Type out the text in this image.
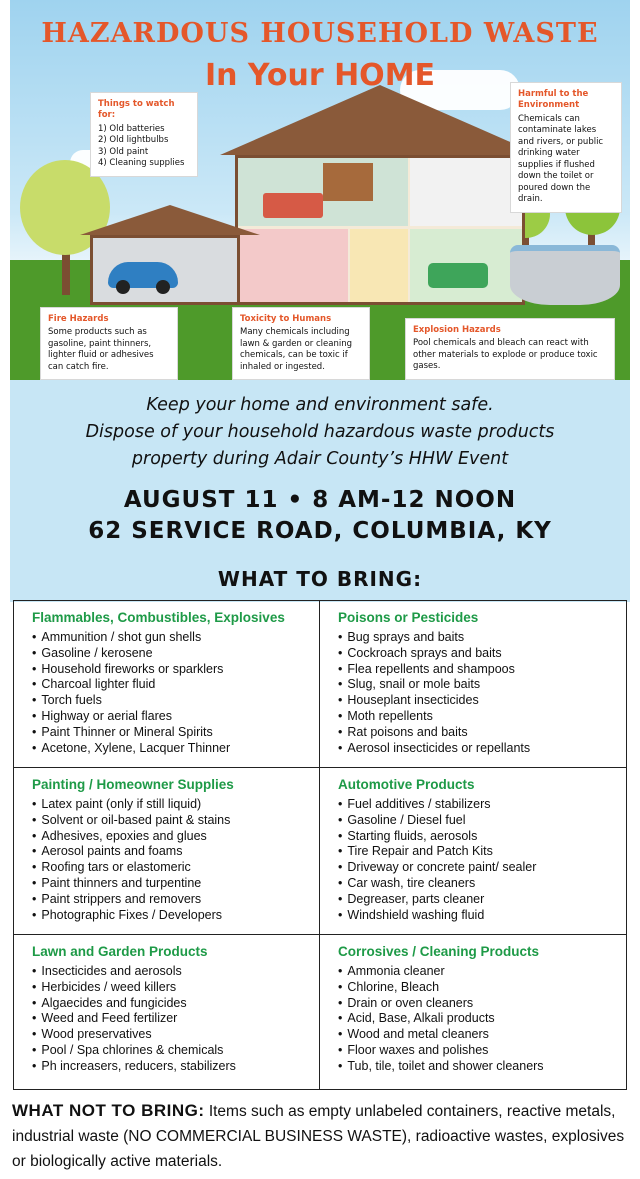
HAZARDOUS HOUSEHOLD WASTE
In Your HOME
Things to watch for:
1) Old batteries
2) Old lightbulbs
3) Old paint
4) Cleaning supplies
Harmful to the Environment
Chemicals can contaminate lakes and rivers, or public drinking water supplies if flushed down the toilet or poured down the drain.
Fire Hazards
Some products such as gasoline, paint thinners, lighter fluid or adhesives can catch fire.
Toxicity to Humans
Many chemicals including lawn & garden or cleaning chemicals, can be toxic if inhaled or ingested.
Explosion Hazards
Pool chemicals and bleach can react with other materials to explode or produce toxic gases.
Keep your home and environment safe.
Dispose of your household hazardous waste products
property during Adair County’s HHW Event
AUGUST 11 • 8 AM-12 NOON
62 SERVICE ROAD, COLUMBIA, KY
WHAT TO BRING:
Flammables, Combustibles, Explosives
• Ammunition / shot gun shells
• Gasoline / kerosene
• Household fireworks or sparklers
• Charcoal lighter fluid
• Torch fuels
• Highway or aerial flares
• Paint Thinner or Mineral Spirits
• Acetone, Xylene, Lacquer Thinner
Poisons or Pesticides
• Bug sprays and baits
• Cockroach sprays and baits
• Flea repellents and shampoos
• Slug, snail or mole baits
• Houseplant insecticides
• Moth repellents
• Rat poisons and baits
• Aerosol insecticides or repellants
Painting / Homeowner Supplies
• Latex paint (only if still liquid)
• Solvent or oil-based paint & stains
• Adhesives, epoxies and glues
• Aerosol paints and foams
• Roofing tars or elastomeric
• Paint thinners and turpentine
• Paint strippers and removers
• Photographic Fixes / Developers
Automotive Products
• Fuel additives / stabilizers
• Gasoline / Diesel fuel
• Starting fluids, aerosols
• Tire Repair and Patch Kits
• Driveway or concrete paint/ sealer
• Car wash, tire cleaners
• Degreaser, parts cleaner
• Windshield washing fluid
Lawn and Garden Products
• Insecticides and aerosols
• Herbicides / weed killers
• Algaecides and fungicides
• Weed and Feed fertilizer
• Wood preservatives
• Pool / Spa chlorines & chemicals
• Ph increasers, reducers, stabilizers
Corrosives / Cleaning Products
• Ammonia cleaner
• Chlorine, Bleach
• Drain or oven cleaners
• Acid, Base, Alkali products
• Wood and metal cleaners
• Floor waxes and polishes
• Tub, tile, toilet and shower cleaners
WHAT NOT TO BRING: Items such as empty unlabeled containers, reactive metals, industrial waste (NO COMMERCIAL BUSINESS WASTE), radioactive wastes, explosives or biologically active materials.
